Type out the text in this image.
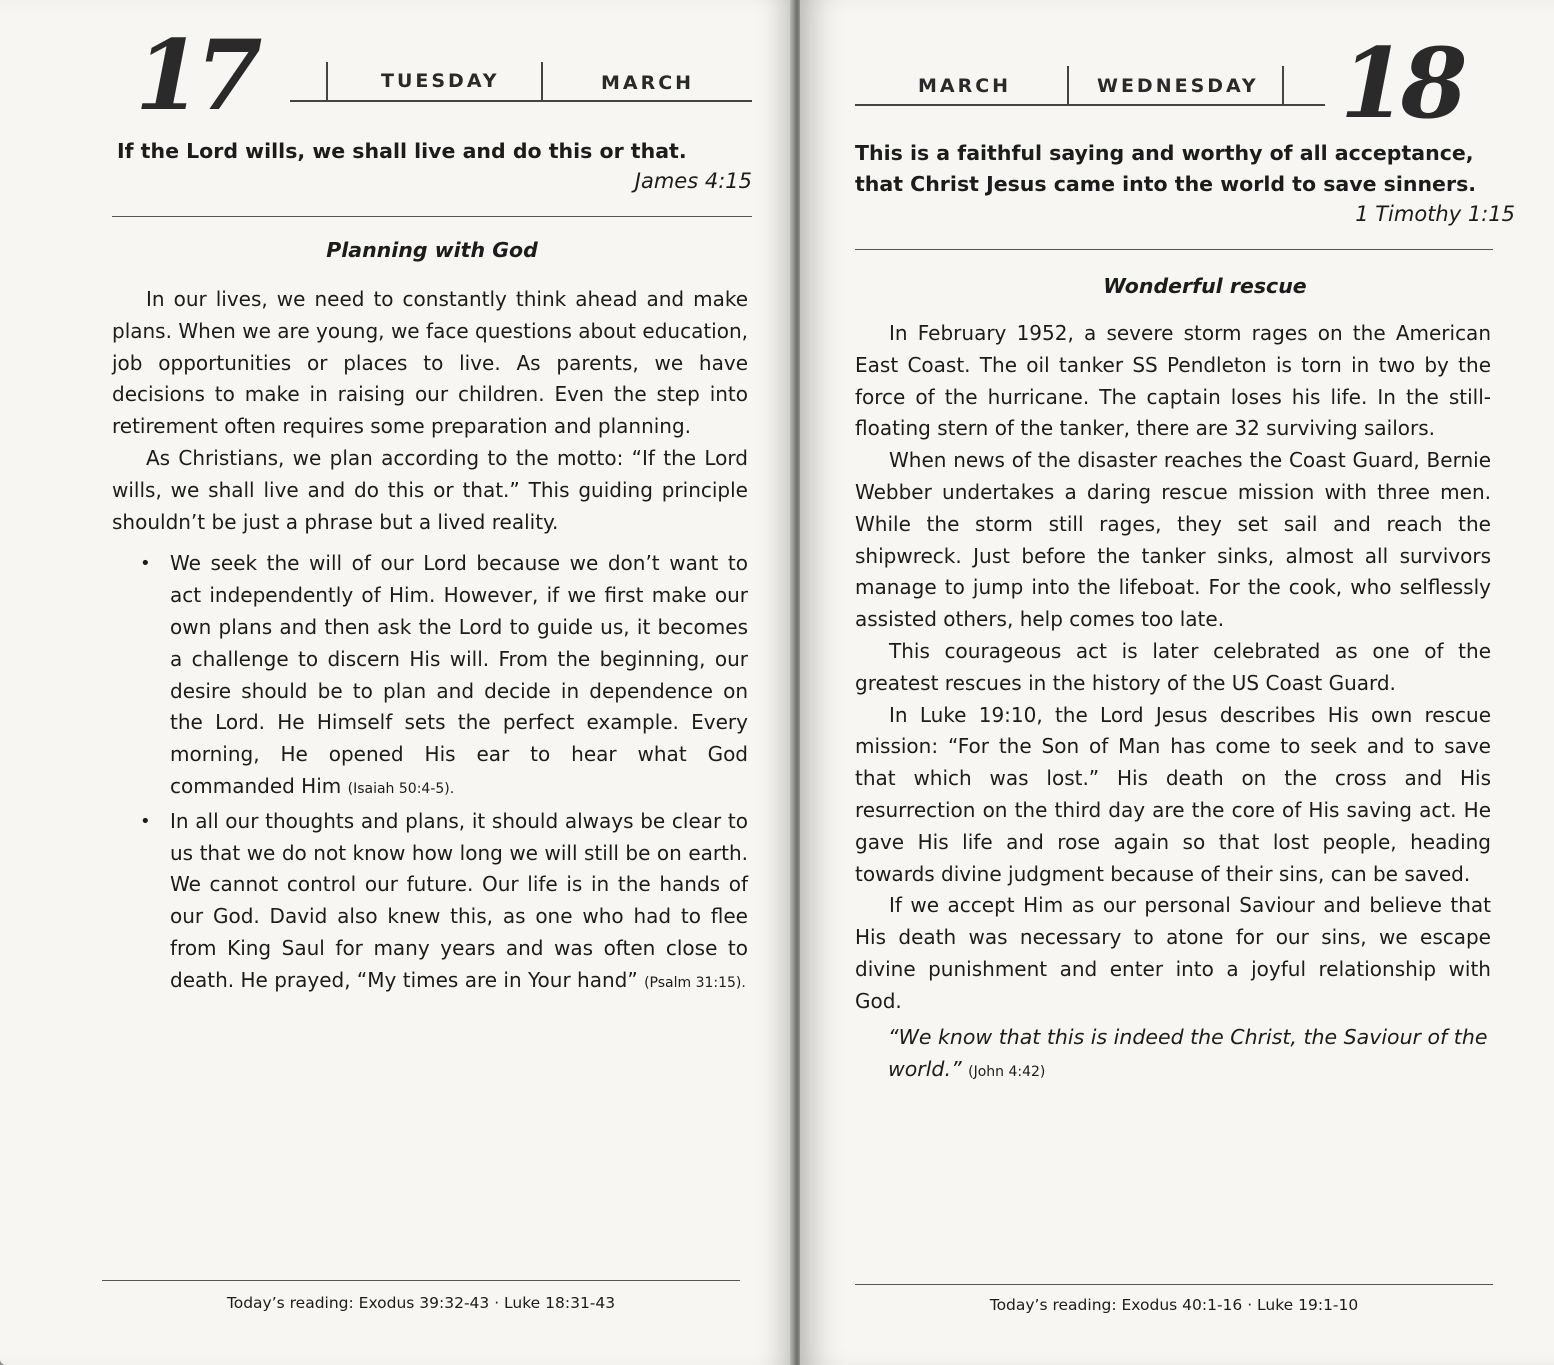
17	TUESDAY	MARCH
If the Lord wills, we shall live and do this or that.
James 4:15
Planning with God

In our lives, we need to constantly think ahead and make plans. When we are young, we face questions about education, job opportunities or places to live. As parents, we have decisions to make in raising our children. Even the step into retirement often requires some preparation and planning.

As Christians, we plan according to the motto: “If the Lord wills, we shall live and do this or that.” This guiding principle shouldn’t be just a phrase but a lived reality.

• We seek the will of our Lord because we don’t want to act independently of Him. However, if we first make our own plans and then ask the Lord to guide us, it becomes a challenge to discern His will. From the beginning, our desire should be to plan and decide in dependence on the Lord. He Himself sets the perfect example. Every morning, He opened His ear to hear what God commanded Him (Isaiah 50:4-5).
• In all our thoughts and plans, it should always be clear to us that we do not know how long we will still be on earth. We cannot control our future. Our life is in the hands of our God. David also knew this, as one who had to flee from King Saul for many years and was often close to death. He prayed, “My times are in Your hand” (Psalm 31:15).
Today’s reading: Exodus 39:32-43 · Luke 18:31-43
MARCH	WEDNESDAY 18
This is a faithful saying and worthy of all acceptance, that Christ Jesus came into the world to save sinners.
1 Timothy 1:15
Wonderful rescue

In February 1952, a severe storm rages on the American East Coast. The oil tanker SS Pendleton is torn in two by the force of the hurricane. The captain loses his life. In the still-floating stern of the tanker, there are 32 surviving sailors.

When news of the disaster reaches the Coast Guard, Bernie Webber undertakes a daring rescue mission with three men. While the storm still rages, they set sail and reach the shipwreck. Just before the tanker sinks, almost all survivors manage to jump into the lifeboat. For the cook, who selflessly assisted others, help comes too late.

This courageous act is later celebrated as one of the greatest rescues in the history of the US Coast Guard.

In Luke 19:10, the Lord Jesus describes His own rescue mission: “For the Son of Man has come to seek and to save that which was lost.” His death on the cross and His resurrection on the third day are the core of His saving act. He gave His life and rose again so that lost people, heading towards divine judgment because of their sins, can be saved.

If we accept Him as our personal Saviour and believe that His death was necessary to atone for our sins, we escape divine punishment and enter into a joyful relationship with God.

“We know that this is indeed the Christ, the Saviour of the world.” (John 4:42)
Today’s reading: Exodus 40:1-16 · Luke 19:1-10
